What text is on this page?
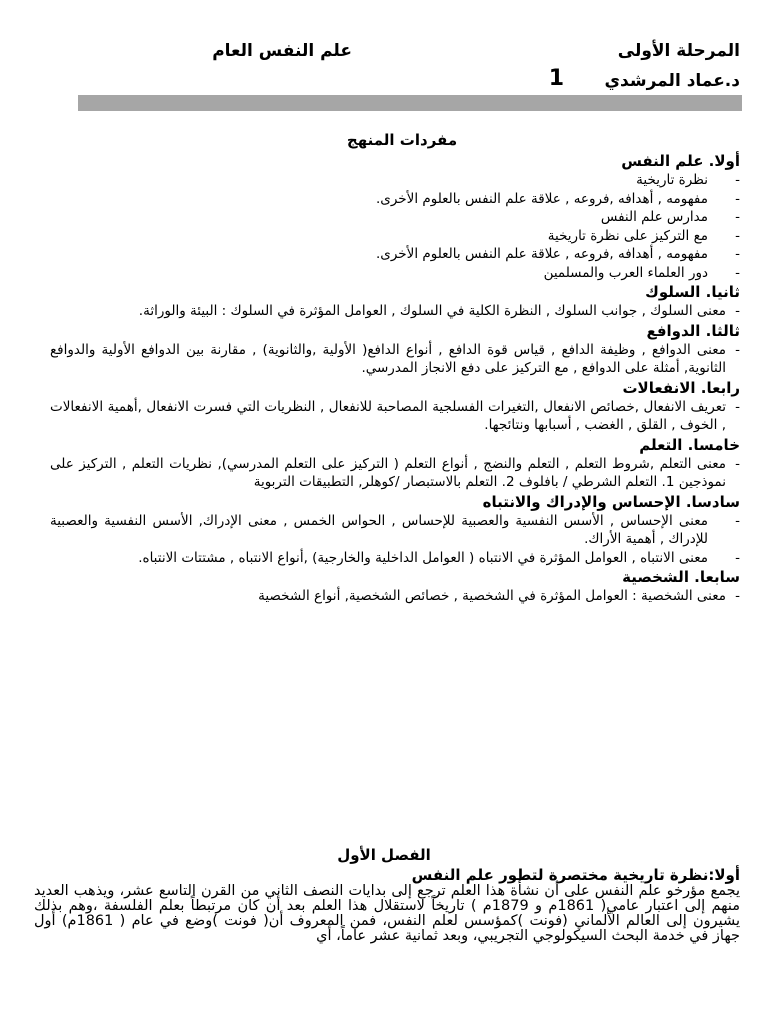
المرحلة الأولى
علم النفس العام
د.عماد المرشدي
1
مفردات المنهج
أولا. علم النفس
-
نظرة تاريخية
-
مفهومه , أهدافه ,فروعه , علاقة علم النفس بالعلوم الأخرى.
-
مدارس علم النفس
-
مع التركيز على نظرة تاريخية
-
مفهومه , أهدافه ,فروعه , علاقة علم النفس بالعلوم الأخرى.
-
دور العلماء العرب والمسلمين
ثانيا. السلوك
-
معنى السلوك , جوانب السلوك , النظرة الكلية في السلوك , العوامل المؤثرة في السلوك : البيئة والوراثة.
ثالثا. الدوافع
-
معنى الدوافع , وظيفة الدافع , قياس قوة الدافع , أنواع الدافع( الأولية ,والثانوية) , مقارنة بين الدوافع الأولية والدوافع الثانوية, أمثلة على الدوافع , مع التركيز على دفع الانجاز المدرسي.
رابعا. الانفعالات
-
تعريف الانفعال ,خصائص الانفعال ,التغيرات الفسلجية المصاحبة للانفعال , النظريات التي فسرت الانفعال ,أهمية الانفعالات , الخوف , القلق , الغضب , أسبابها ونتائجها.
خامسا. التعلم
-
معنى التعلم ,شروط التعلم , التعلم والنضج , أنواع التعلم ( التركيز على التعلم المدرسي), نظريات التعلم , التركيز على نموذجين 1. التعلم الشرطي / بافلوف 2. التعلم بالاستبصار /كوهلر, التطبيقات التربوية
سادسا. الإحساس والإدراك والانتباه
-
معنى الإحساس , الأسس النفسية والعصبية للإحساس , الحواس الخمس , معنى الإدراك, الأسس النفسية والعصبية للإدراك , أهمية الأراك.
-
معنى الانتباه , العوامل المؤثرة في الانتباه ( العوامل الداخلية والخارجية) ,أنواع الانتباه , مشتتات الانتباه.
سابعا. الشخصية
-
معنى الشخصية : العوامل المؤثرة في الشخصية , خصائص الشخصية, أنواع الشخصية
الفصل الأول
أولا:نظرة تاريخية مختصرة لتطور علم النفس
يجمع مؤرخو علم النفس على أن نشأة هذا العلم ترجع إلى بدايات النصف الثاني من القرن التاسع عشر، ويذهب العديد منهم إلى اعتبار عامي( 1861م و 1879م ) تاريخاً لاستقلال هذا العلم بعد أن كان مرتبطاً بعلم الفلسفة ،وهم بذلك يشيرون إلى العالم الألماني (فونت )كمؤسس لعلم النفس، فمن المعروف أن( فونت )وضع في عام ( 1861م) أول جهاز في خدمة البحث السيكولوجي التجريبي، وبعد ثمانية عشر عاماً، أي
